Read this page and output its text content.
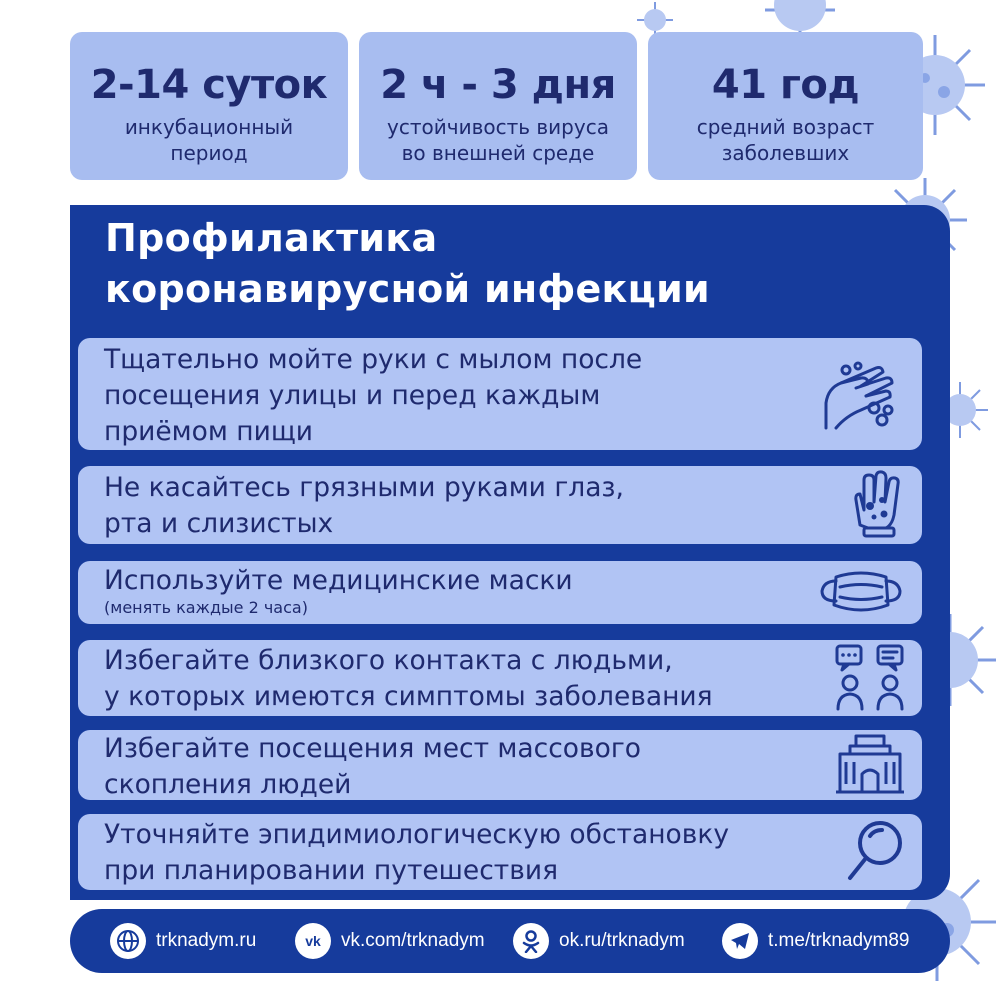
2-14 суток
инкубационный
период
2 ч - 3 дня
устойчивость вируса
во внешней среде
41 год
средний возраст
заболевших
Профилактика
коронавирусной инфекции
Тщательно мойте руки с мылом после
посещения улицы и перед каждым
приёмом пищи
Не касайтесь грязными руками глаз,
рта и слизистых
Используйте медицинские маски
(менять каждые 2 часа)
Избегайте близкого контакта с людьми,
у которых имеются симптомы заболевания
Избегайте посещения мест массового
скопления людей
Уточняйте эпидимиологическую обстановку
при планировании путешествия
trknadym.ru	vk	vk.com/trknadym	ok.ru/trknadym	t.me/trknadym89
